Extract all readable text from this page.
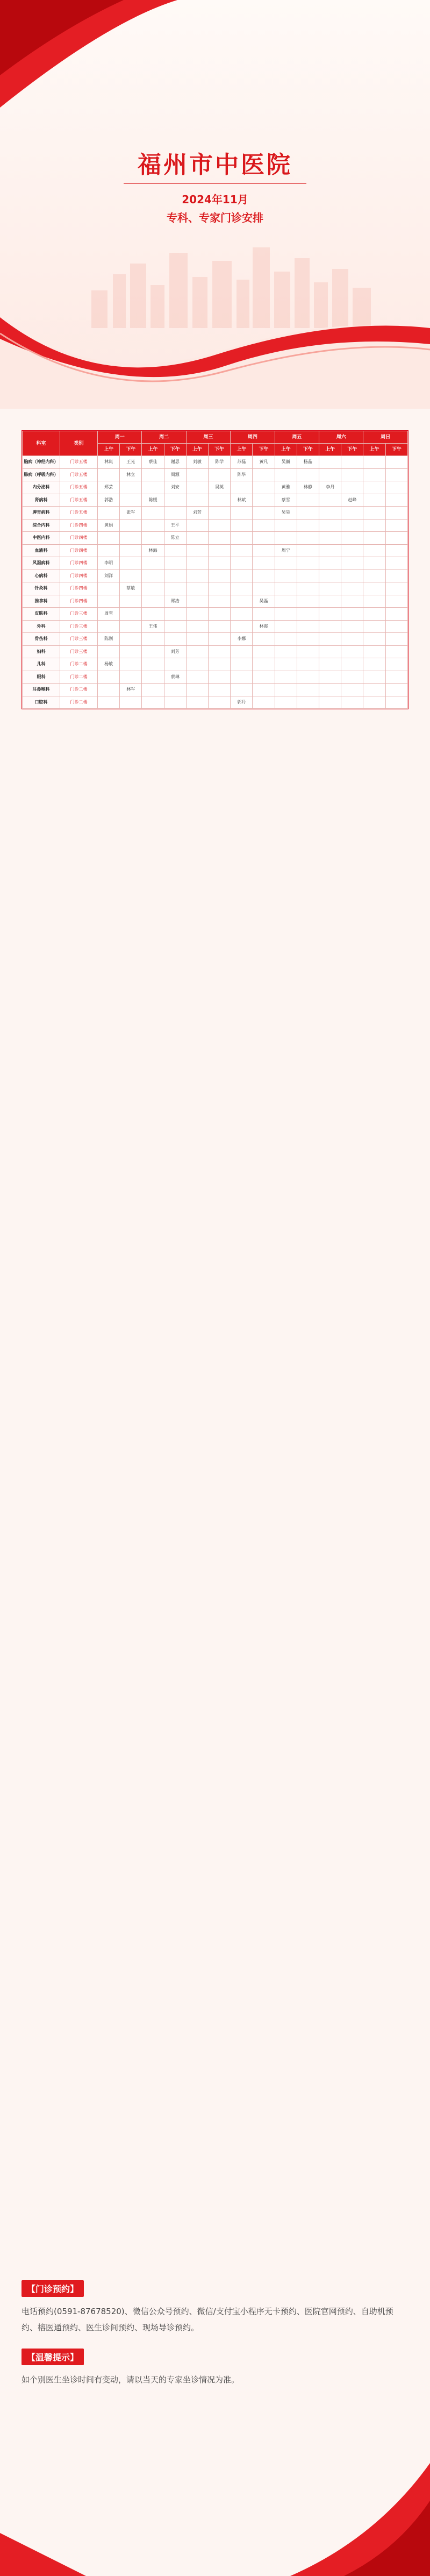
福州市中医院
2024年11月
专科、专家门诊安排
科室	类别	周一		周二		周三		周四		周五		周六		周日	
		上午	下午	上午	下午	上午	下午	上午	下午	上午	下午	上午	下午	上午	下午
脑病（神经内科）	门诊五楼	林岚	王光	蔡佳	谢思	刘敏	陈学	苏磊	黄凡	吴巍	杨晶				
肺病（呼吸内科）	门诊五楼		林立		周源			陈华							
内分泌科	门诊五楼	郑芸			刘安		吴英			黄雅	林静	李丹			
肾病科	门诊五楼	郭浩		陈媛				林斌		蔡雪			赵峰		
脾胃病科	门诊五楼		张军			刘芳				吴昊					
综合内科	门诊四楼	黄娟			王平										
中医内科	门诊四楼				陈立										
血液科	门诊四楼			林海						周宁					
风湿病科	门诊四楼	李明													
心病科	门诊四楼	刘洋													
针灸科	门诊四楼		蔡敏												
推拿科	门诊四楼				郑浩				吴磊						
皮肤科	门诊三楼	周雪													
外科	门诊三楼			王伟					林霞						
骨伤科	门诊三楼	陈刚						李娜							
妇科	门诊三楼				刘芳										
儿科	门诊二楼	杨敏													
眼科	门诊二楼				蔡琳										
耳鼻喉科	门诊二楼		林军												
口腔科	门诊二楼							郭丹							
【门诊预约】
电话预约(0591-87678520)、微信公众号预约、微信/支付宝小程序无卡预约、医院官网预约、自助机预约、榕医通预约、医生诊间预约、现场导诊预约。
【温馨提示】
如个别医生坐诊时间有变动，请以当天的专家坐诊情况为准。
